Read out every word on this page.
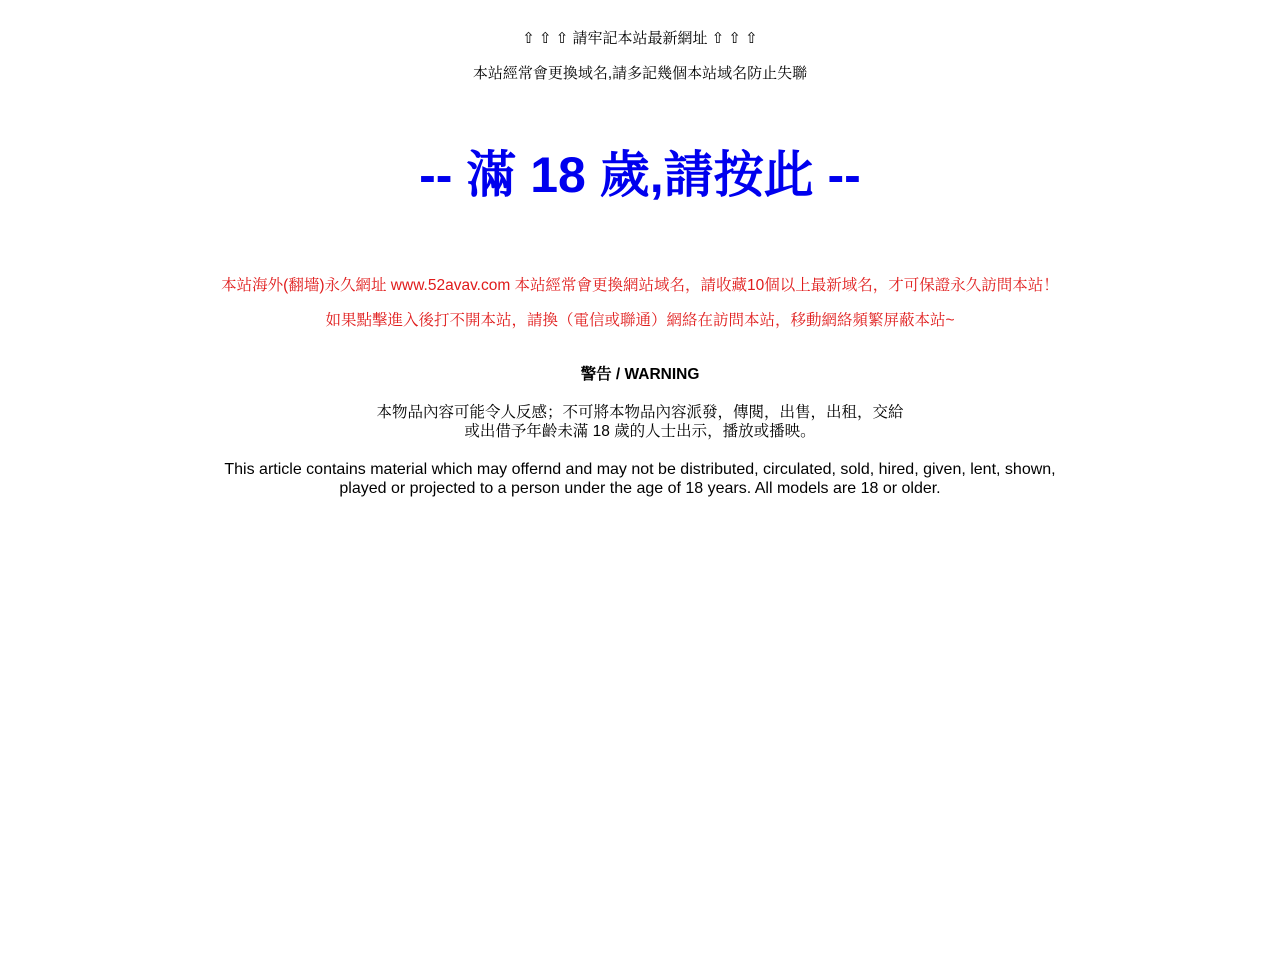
⇧ ⇧ ⇧ 請牢記本站最新網址 ⇧ ⇧ ⇧
本站經常會更換域名,請多記幾個本站域名防止失聯
-- 滿 18 歲,請按此 --
本站海外(翻墻)永久網址 www.52avav.com 本站經常會更換網站域名，請收藏10個以上最新域名，才可保證永久訪問本站！
如果點擊進入後打不開本站，請換（電信或聯通）網絡在訪問本站，移動網絡頻繁屏蔽本站~
警告 / WARNING
本物品內容可能令人反感；不可將本物品內容派發，傳閱，出售，出租，交給
或出借予年齡未滿 18 歲的人士出示，播放或播映。
This article contains material which may offernd and may not be distributed, circulated, sold, hired, given, lent, shown,
played or projected to a person under the age of 18 years. All models are 18 or older.
